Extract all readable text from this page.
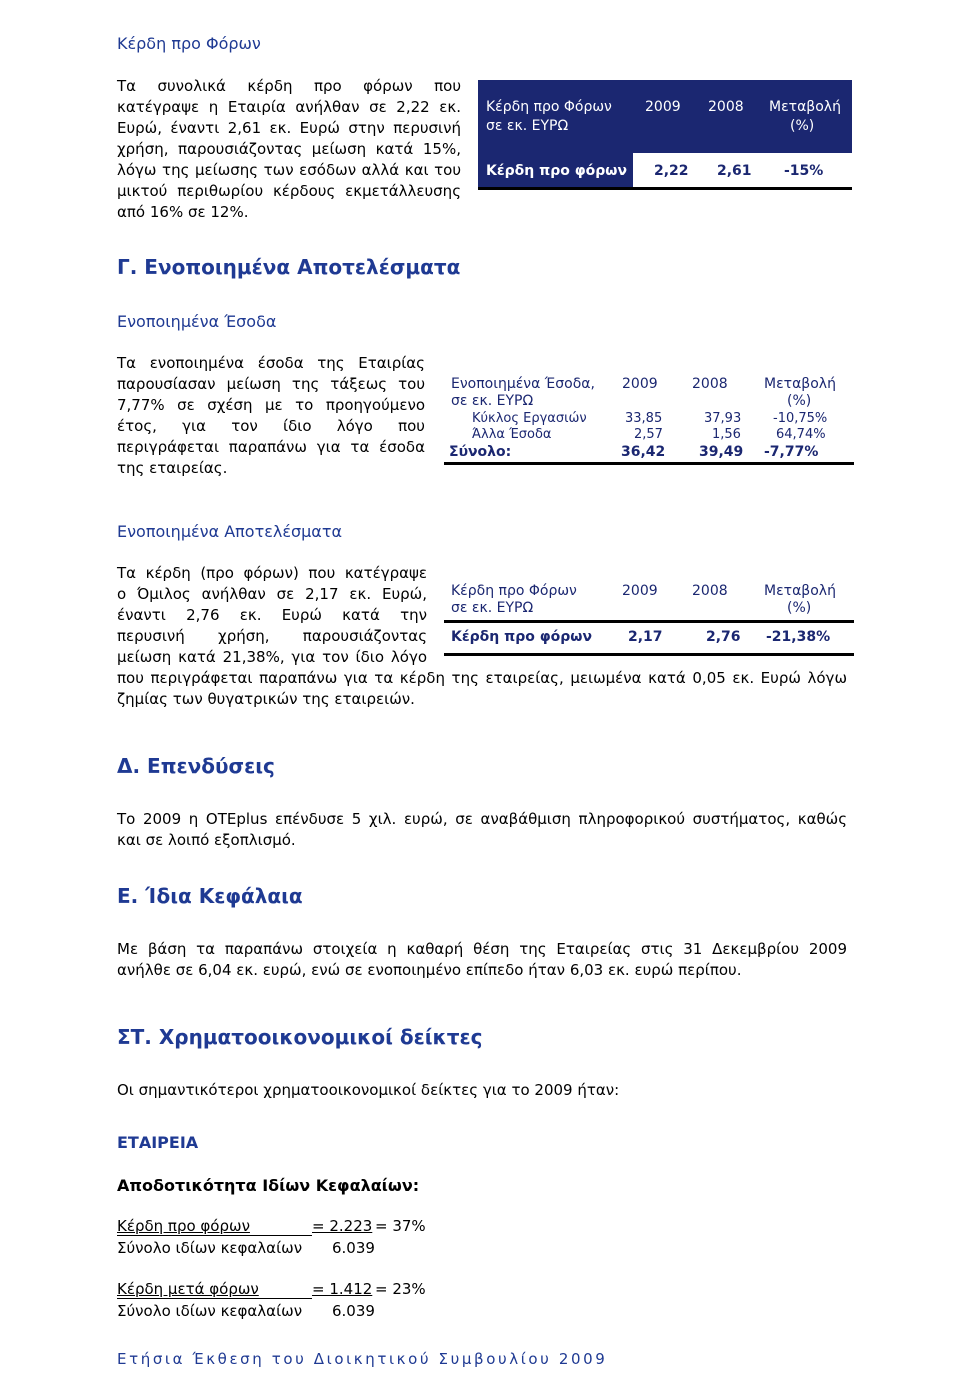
Κέρδη προ Φόρων
Τα συνολικά κέρδη προ φόρων που
κατέγραψε η Εταιρία ανήλθαν σε 2,22 εκ.
Ευρώ, έναντι 2,61 εκ. Ευρώ στην περυσινή
χρήση, παρουσιάζοντας μείωση κατά 15%,
λόγω της μείωσης των εσόδων αλλά και του
μικτού περιθωρίου κέρδους εκμετάλλευσης
από 16% σε 12%.
Κέρδη προ Φόρων
σε εκ. ΕΥΡΩ
2009 2008 Μεταβολή
(%)
Κέρδη προ φόρων 2,22 2,61 -15%
Γ. Ενοποιημένα Αποτελέσματα
Ενοποιημένα Έσοδα
Τα ενοποιημένα έσοδα της Εταιρίας
παρουσίασαν μείωση της τάξεως του
7,77% σε σχέση με το προηγούμενο
έτος, για τον ίδιο λόγο που
περιγράφεται παραπάνω για τα έσοδα
της εταιρείας.
Ενοποιημένα Έσοδα,
σε εκ. ΕΥΡΩ
2009 2008	Μεταβολή
(%)
Κύκλος Εργασιών	33,85	37,93 -10,75%
Άλλα Έσοδα	2,57	1,56	64,74%
Σύνολο:	36,42 39,49 -7,77%
Ενοποιημένα Αποτελέσματα
Τα κέρδη (προ φόρων) που κατέγραψε
ο Όμιλος ανήλθαν σε 2,17 εκ. Ευρώ,
έναντι 2,76 εκ. Ευρώ κατά την
περυσινή χρήση, παρουσιάζοντας
μείωση κατά 21,38%, για τον ίδιο λόγο
που περιγράφεται παραπάνω για τα κέρδη της εταιρείας, μειωμένα κατά 0,05 εκ. Ευρώ λόγω
ζημίας των θυγατρικών της εταιρειών.
Κέρδη προ Φόρων
σε εκ. ΕΥΡΩ
2009 2008	Μεταβολή
(%)
Κέρδη προ φόρων	2,17	2,76 -21,38%
Δ. Επενδύσεις
Το 2009 η OTEplus επένδυσε 5 χιλ. ευρώ, σε αναβάθμιση πληροφορικού συστήματος, καθώς
και σε λοιπό εξοπλισμό.
Ε. Ίδια Κεφάλαια
Με βάση τα παραπάνω στοιχεία η καθαρή θέση της Εταιρείας στις 31 Δεκεμβρίου 2009
ανήλθε σε 6,04 εκ. ευρώ, ενώ σε ενοποιημένο επίπεδο ήταν 6,03 εκ. ευρώ περίπου.
ΣΤ. Χρηματοοικονομικοί δείκτες
Οι σημαντικότεροι χρηματοοικονομικοί δείκτες για το 2009 ήταν:
ΕΤΑΙΡΕΙΑ
Αποδοτικότητα Ιδίων Κεφαλαίων:
Κέρδη προ φόρων	= 2.223 = 37%
Σύνολο ιδίων κεφαλαίων 6.039
Κέρδη μετά φόρων	= 1.412 = 23%
Σύνολο ιδίων κεφαλαίων 6.039
Ετήσια Έκθεση του Διοικητικού Συμβουλίου 2009
